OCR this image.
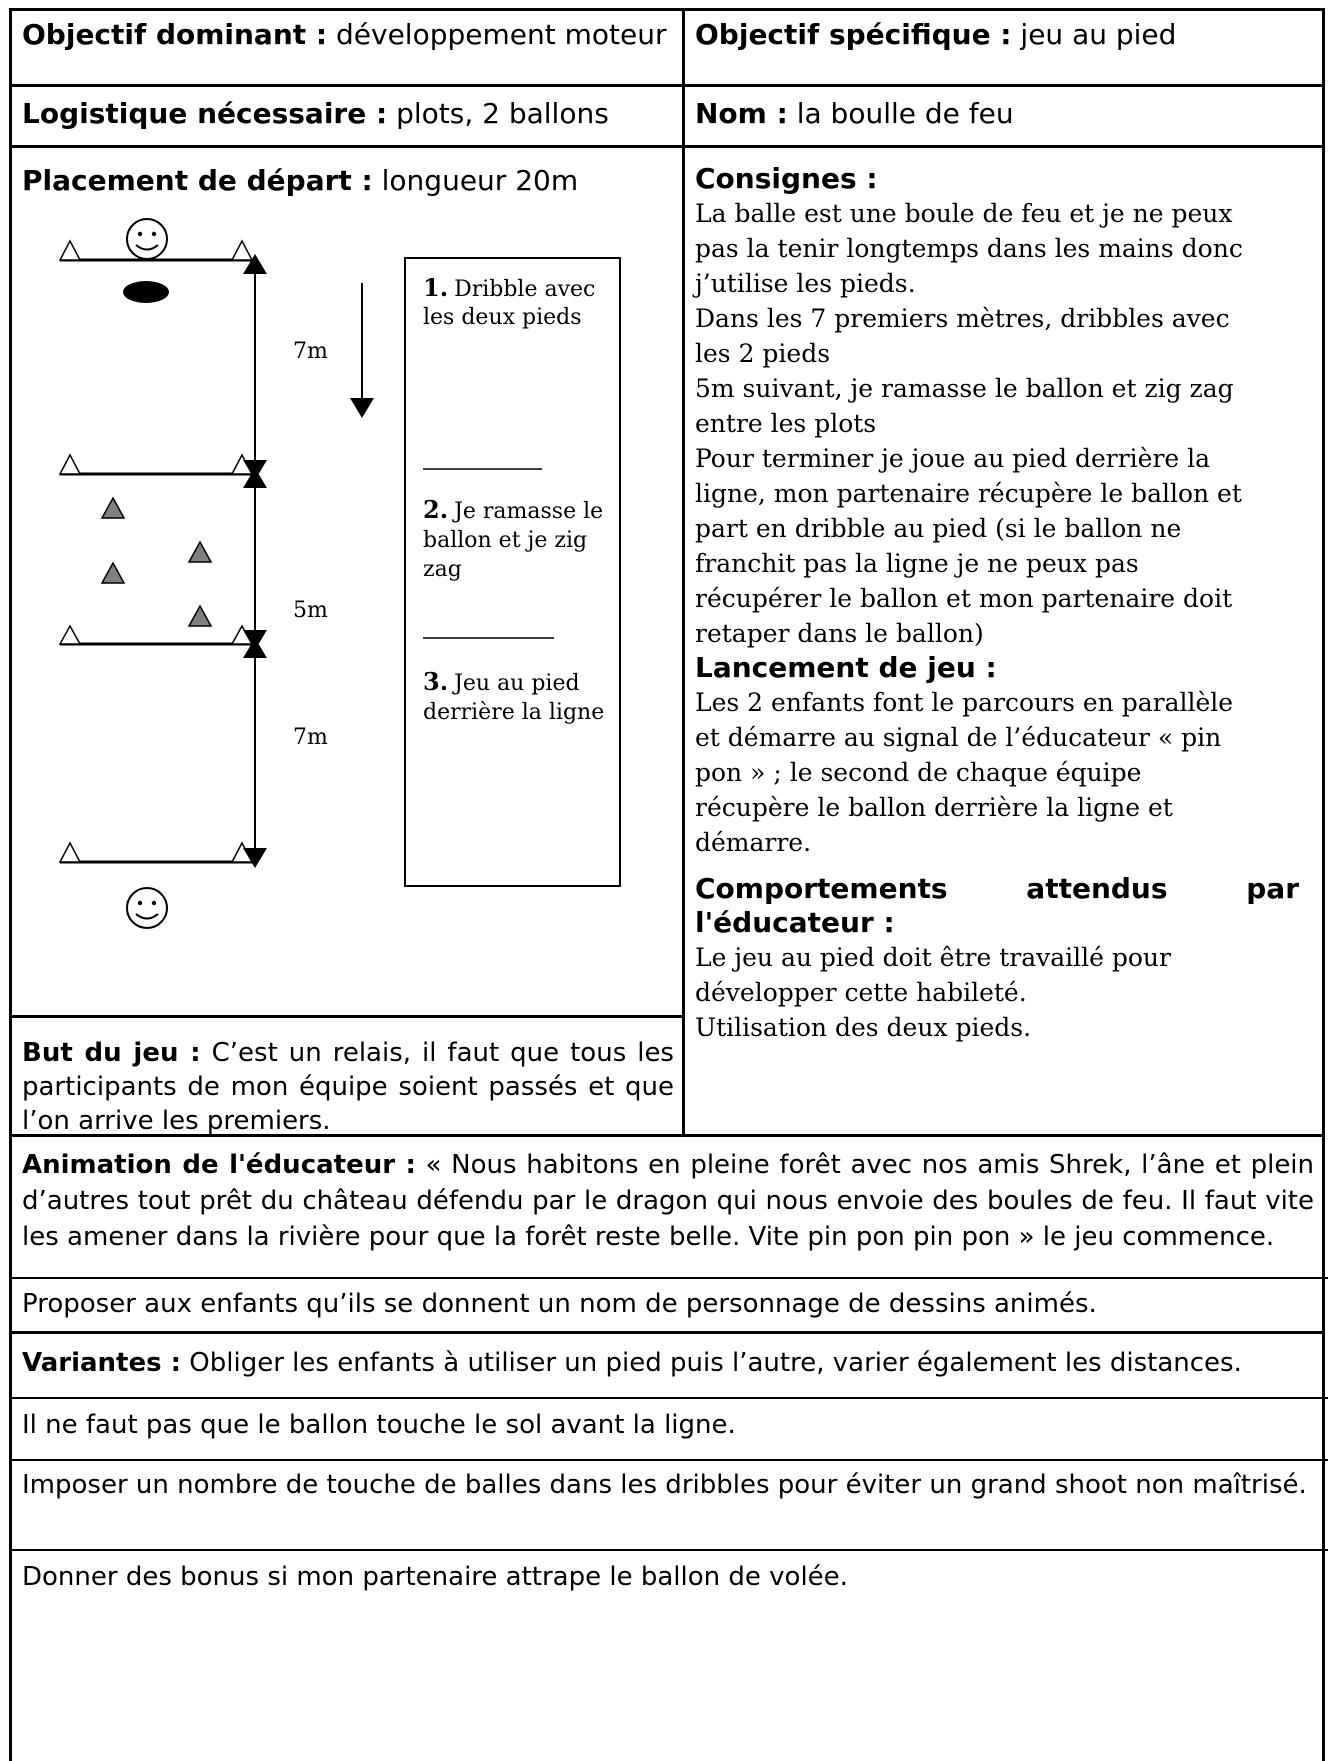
Objectif dominant : développement moteur Objectif spécifique : jeu au pied
Logistique nécessaire : plots, 2 ballons	Nom : la boulle de feu
Placement de départ : longueur 20m
7m
5m
7m
1. Dribble avec
les deux pieds
2. Je ramasse le
ballon et je zig
zag
3. Jeu au pied
derrière la ligne
But du jeu : C’est un relais, il faut que tous les participants de mon équipe soient passés et que l’on arrive les premiers.
Consignes :
La balle est une boule de feu et je ne peux
pas la tenir longtemps dans les mains donc
j’utilise les pieds.
Dans les 7 premiers mètres, dribbles avec
les 2 pieds
5m suivant, je ramasse le ballon et zig zag
entre les plots
Pour terminer je joue au pied derrière la
ligne, mon partenaire récupère le ballon et
part en dribble au pied (si le ballon ne
franchit pas la ligne je ne peux pas
récupérer le ballon et mon partenaire doit
retaper dans le ballon)
Lancement de jeu :
Les 2 enfants font le parcours en parallèle
et démarre au signal de l’éducateur « pin
pon » ; le second de chaque équipe
récupère le ballon derrière la ligne et
démarre.
Comportements	attendus	par
l'éducateur :
Le jeu au pied doit être travaillé pour
développer cette habileté.
Utilisation des deux pieds.
Animation de l'éducateur : « Nous habitons en pleine forêt avec nos amis Shrek, l’âne et plein d’autres tout prêt du château défendu par le dragon qui nous envoie des boules de feu. Il faut vite les amener dans la rivière pour que la forêt reste belle. Vite pin pon pin pon » le jeu commence.
Proposer aux enfants qu’ils se donnent un nom de personnage de dessins animés.
Variantes : Obliger les enfants à utiliser un pied puis l’autre, varier également les distances.
Il ne faut pas que le ballon touche le sol avant la ligne.
Imposer un nombre de touche de balles dans les dribbles pour éviter un grand shoot non maîtrisé.
Donner des bonus si mon partenaire attrape le ballon de volée.
